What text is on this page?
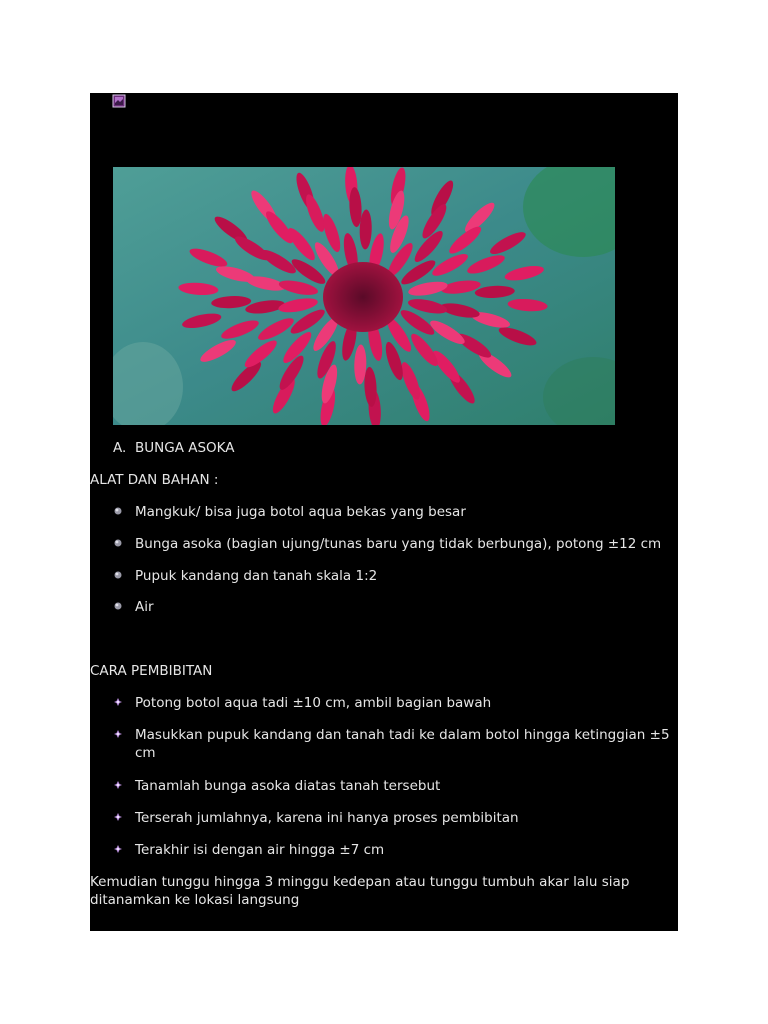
A. BUNGA ASOKA
ALAT DAN BAHAN :
Mangkuk/ bisa juga botol aqua bekas yang besar
Bunga asoka (bagian ujung/tunas baru yang tidak berbunga), potong ±12 cm
Pupuk kandang dan tanah skala 1:2
Air
CARA PEMBIBITAN
Potong botol aqua tadi ±10 cm, ambil bagian bawah
Masukkan pupuk kandang dan tanah tadi ke dalam botol hingga ketinggian ±5 cm
Tanamlah bunga asoka diatas tanah tersebut
Terserah jumlahnya, karena ini hanya proses pembibitan
Terakhir isi dengan air hingga ±7 cm
Kemudian tunggu hingga 3 minggu kedepan atau tunggu tumbuh akar lalu siap ditanamkan ke lokasi langsung
